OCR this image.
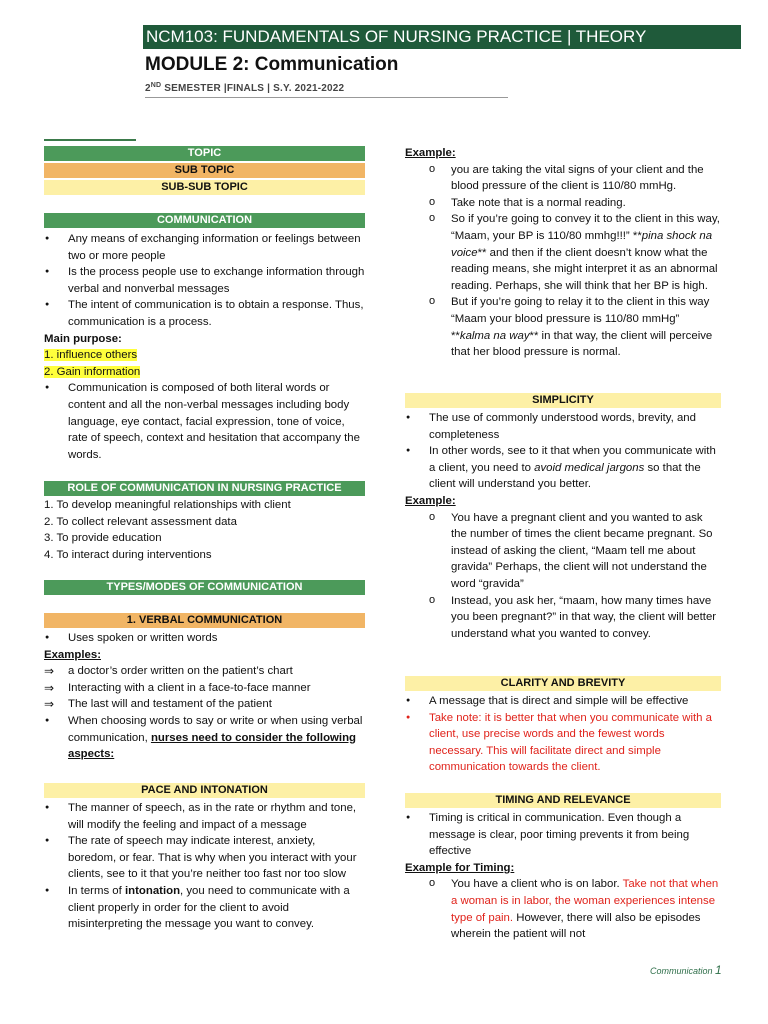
NCM103: FUNDAMENTALS OF NURSING PRACTICE | THEORY
MODULE 2: Communication
2ND SEMESTER |FINALS | S.Y. 2021-2022
TOPIC
SUB TOPIC
SUB-SUB TOPIC
COMMUNICATION
● Any means of exchanging information or feelings between two or more people
● Is the process people use to exchange information through verbal and nonverbal messages
● The intent of communication is to obtain a response. Thus, communication is a process.
Main purpose:
1. influence others
2. Gain information
● Communication is composed of both literal words or content and all the non-verbal messages including body language, eye contact, facial expression, tone of voice, rate of speech, context and hesitation that accompany the words.
ROLE OF COMMUNICATION IN NURSING PRACTICE
1. To develop meaningful relationships with client
2. To collect relevant assessment data
3. To provide education
4. To interact during interventions
TYPES/MODES OF COMMUNICATION
1. VERBAL COMMUNICATION
● Uses spoken or written words
Examples:
⇒ a doctor’s order written on the patient’s chart
⇒ Interacting with a client in a face-to-face manner
⇒ The last will and testament of the patient
● When choosing words to say or write or when using verbal communication, nurses need to consider the following aspects:
PACE AND INTONATION
● The manner of speech, as in the rate or rhythm and tone, will modify the feeling and impact of a message
● The rate of speech may indicate interest, anxiety, boredom, or fear. That is why when you interact with your clients, see to it that you’re neither too fast nor too slow
● In terms of intonation, you need to communicate with a client properly in order for the client to avoid misinterpreting the message you want to convey.
Example:
o you are taking the vital signs of your client and the blood pressure of the client is 110/80 mmHg.
o Take note that is a normal reading.
o So if you’re going to convey it to the client in this way, “Maam, your BP is 110/80 mmhg!!!” **pina shock na voice** and then if the client doesn’t know what the reading means, she might interpret it as an abnormal reading. Perhaps, she will think that her BP is high.
o But if you’re going to relay it to the client in this way “Maam your blood pressure is 110/80 mmHg” **kalma na way** in that way, the client will perceive that her blood pressure is normal.
SIMPLICITY
● The use of commonly understood words, brevity, and completeness
● In other words, see to it that when you communicate with a client, you need to avoid medical jargons so that the client will understand you better.
Example:
o You have a pregnant client and you wanted to ask the number of times the client became pregnant. So instead of asking the client, “Maam tell me about gravida” Perhaps, the client will not understand the word “gravida”
o Instead, you ask her, “maam, how many times have you been pregnant?” in that way, the client will better understand what you wanted to convey.
CLARITY AND BREVITY
● A message that is direct and simple will be effective
● Take note: it is better that when you communicate with a client, use precise words and the fewest words necessary. This will facilitate direct and simple communication towards the client.
TIMING AND RELEVANCE
● Timing is critical in communication. Even though a message is clear, poor timing prevents it from being effective
Example for Timing:
o You have a client who is on labor. Take not that when a woman is in labor, the woman experiences intense type of pain. However, there will also be episodes wherein the patient will not
Communication 1
